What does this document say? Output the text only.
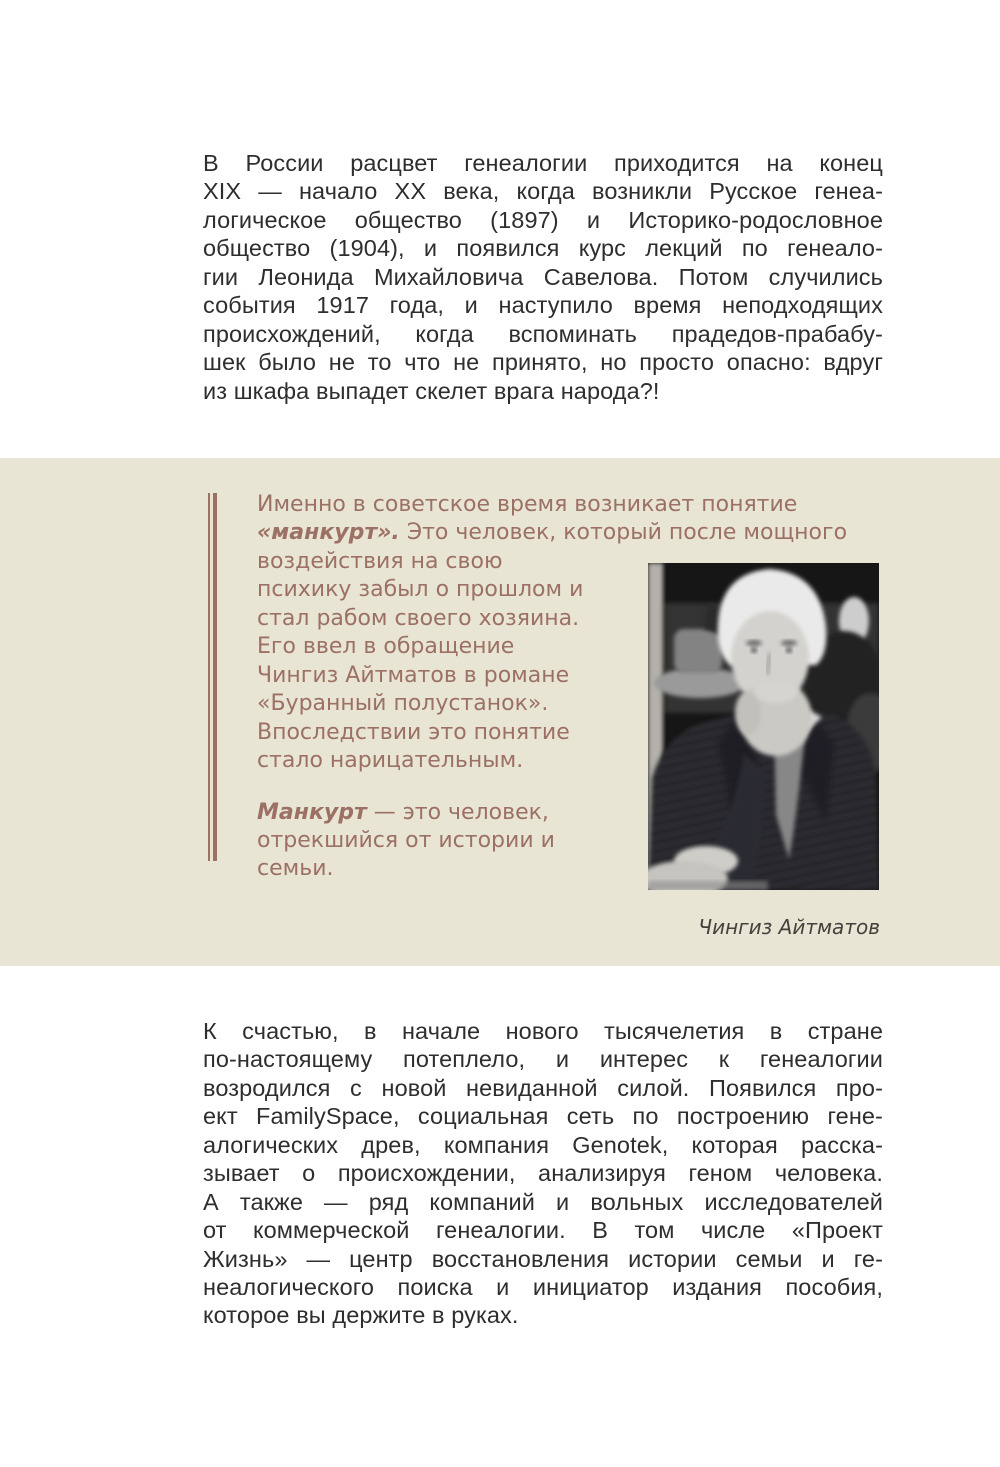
В России расцвет генеалогии приходится на конец
XIX — начало XX века, когда возникли Русское генеа-
логическое общество (1897) и Историко-родословное
общество (1904), и появился курс лекций по генеало-
гии Леонида Михайловича Савелова. Потом случились
события 1917 года, и наступило время неподходящих
происхождений, когда вспоминать прадедов-прабабу-
шек было не то что не принято, но просто опасно: вдруг
из шкафа выпадет скелет врага народа?!
Именно в советское время возникает понятие
«манкурт». Это человек, который после мощного
воздействия на свою
психику забыл о прошлом и
стал рабом своего хозяина.
Его ввел в обращение
Чингиз Айтматов в романе
«Буранный полустанок».
Впоследствии это понятие
стало нарицательным.
Манкурт — это человек,
отрекшийся от истории и
семьи.
Чингиз Айтматов
К счастью, в начале нового тысячелетия в стране
по-настоящему потеплело, и интерес к генеалогии
возродился с новой невиданной силой. Появился про-
ект FamilySpace, социальная сеть по построению гене-
алогических древ, компания Genotek, которая расска-
зывает о происхождении, анализируя геном человека.
А также — ряд компаний и вольных исследователей
от коммерческой генеалогии. В том числе «Проект
Жизнь» — центр восстановления истории семьи и ге-
неалогического поиска и инициатор издания пособия,
которое вы держите в руках.
